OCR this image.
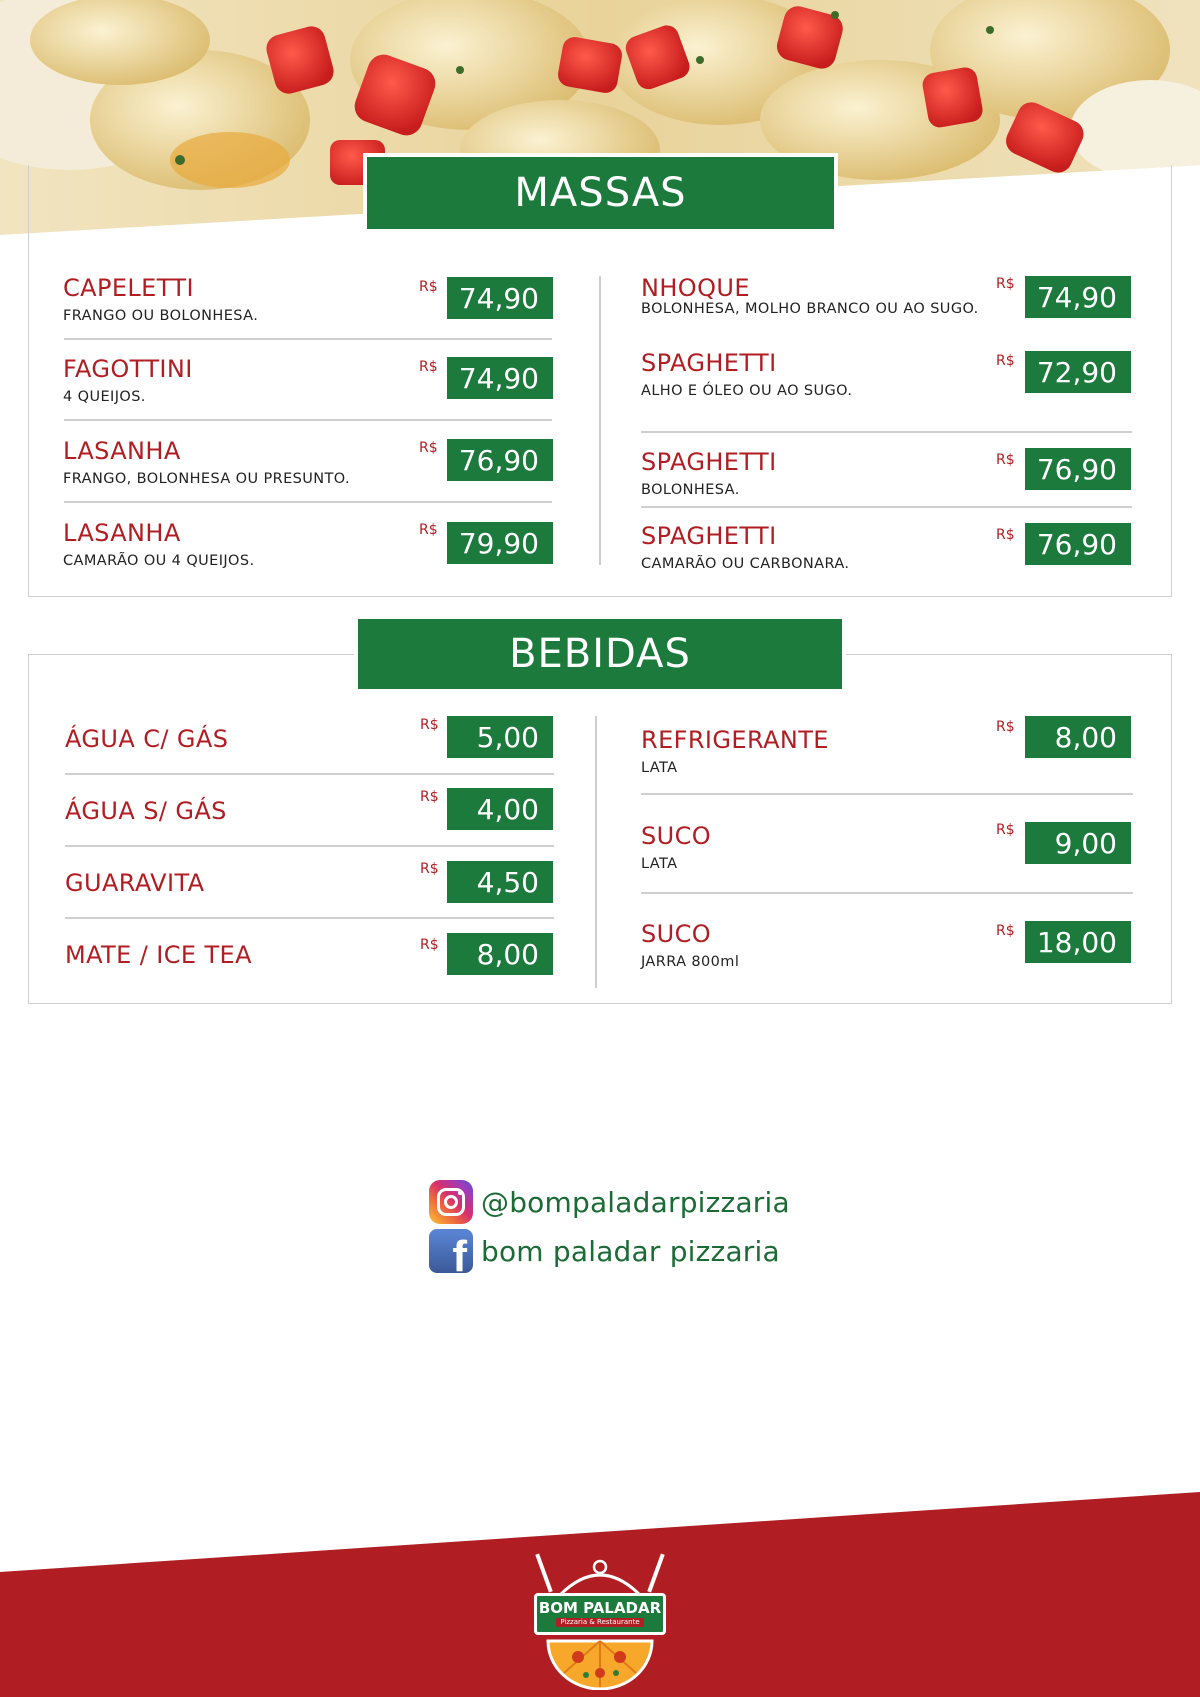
MASSAS
CAPELETTI
FRANGO OU BOLONHESA.
R$ 74,90
FAGOTTINI
4 QUEIJOS.
R$ 74,90
LASANHA
FRANGO, BOLONHESA OU PRESUNTO.
R$ 76,90
LASANHA
CAMARÃO OU 4 QUEIJOS.
R$ 79,90
NHOQUE
BOLONHESA, MOLHO BRANCO OU AO SUGO.
R$ 74,90
SPAGHETTI
ALHO E ÓLEO OU AO SUGO.
R$ 72,90
SPAGHETTI
BOLONHESA.
R$ 76,90
SPAGHETTI
CAMARÃO OU CARBONARA.
R$ 76,90
BEBIDAS
ÁGUA C/ GÁS	R$	5,00
ÁGUA S/ GÁS	R$	4,00
GUARAVITA	R$	4,50
MATE / ICE TEA	R$	8,00
REFRIGERANTE
LATA
R$	8,00
SUCO
LATA
R$	9,00
SUCO
JARRA 800ml
R$ 18,00
@bompaladarpizzaria
f bom paladar pizzaria
BOM PALADAR
Pizzaria & Restaurante
